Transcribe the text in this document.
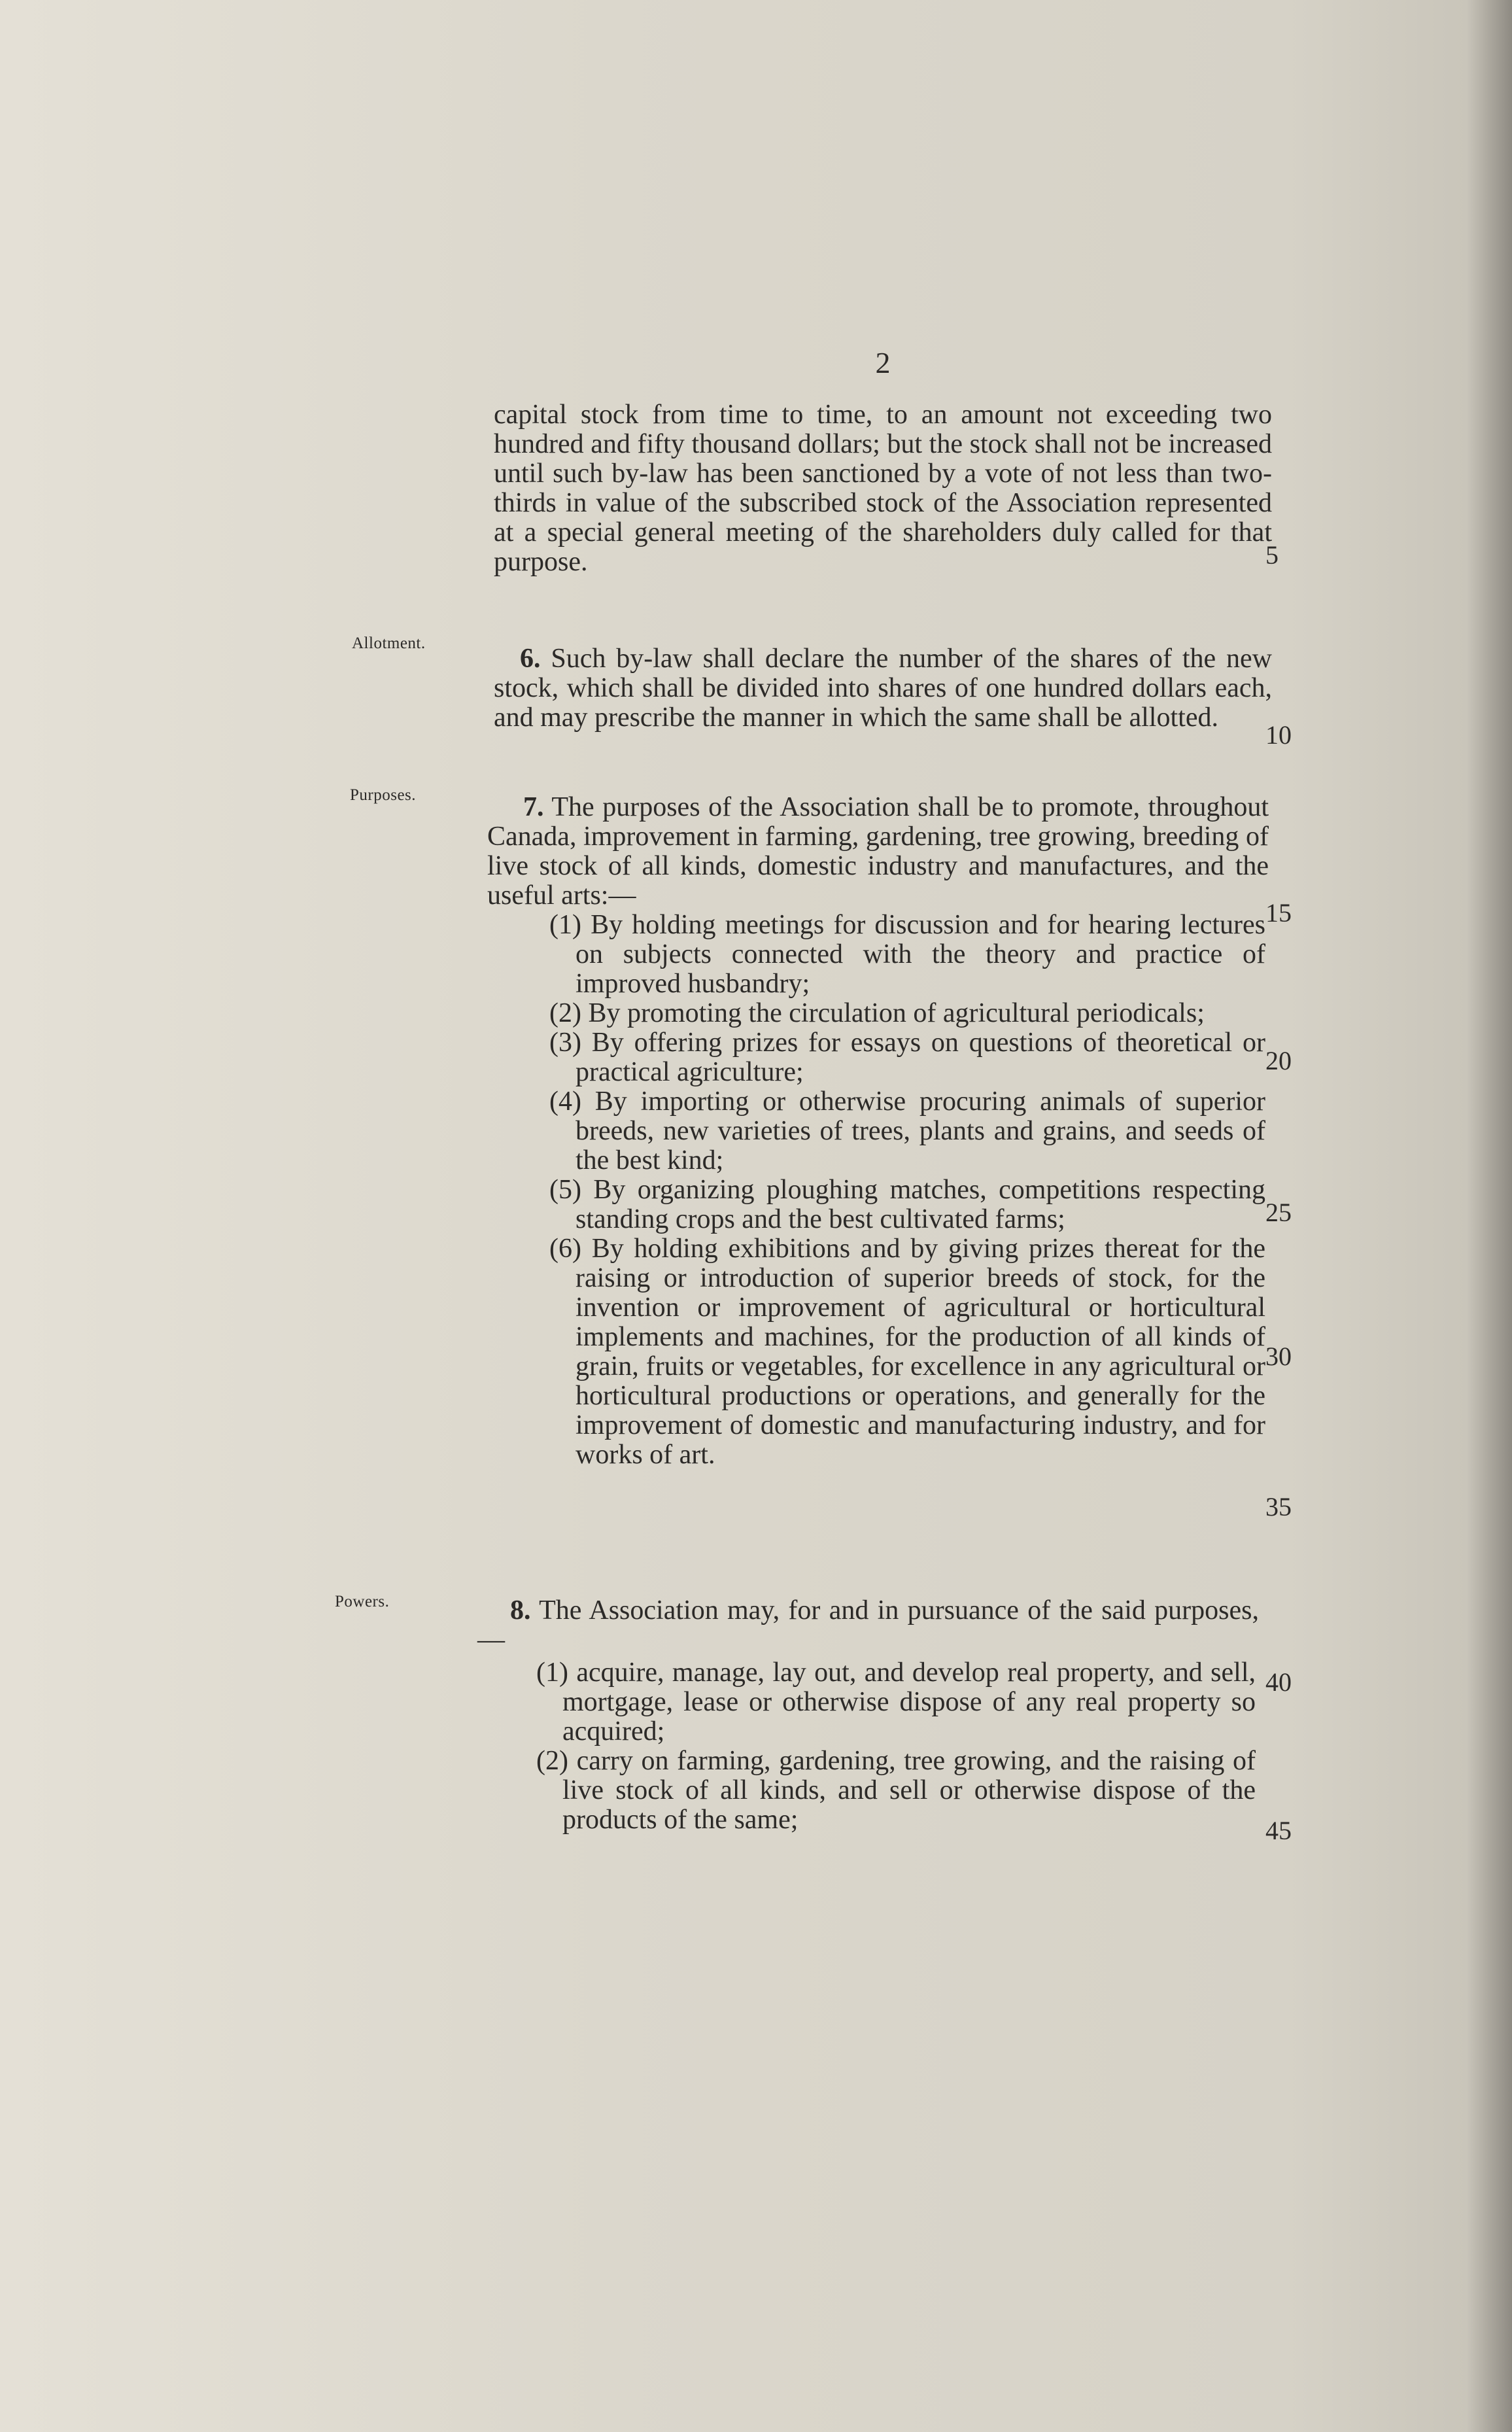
2

capital stock from time to time, to an amount not exceeding two hundred and fifty thousand dollars; but the stock shall not be increased until such by-law has been sanctioned by a vote of not less than two-thirds in value of the subscribed stock of the Association represented at a special general meeting of the shareholders duly called for that purpose.

Allotment.

6. Such by-law shall declare the number of the shares of the new stock, which shall be divided into shares of one hundred dollars each, and may prescribe the manner in which the same shall be allotted.

Purposes.	7. The purposes of the Association shall be to promote, throughout Canada, improvement in farming, gardening, tree growing, breeding of live stock of all kinds, domestic industry and manufactures, and the useful arts:—

(1) By holding meetings for discussion and for hearing lectures on subjects connected with the theory and practice of improved husbandry;

(2) By promoting the circulation of agricultural periodicals;

(3) By offering prizes for essays on questions of theoretical or practical agriculture;

(4) By importing or otherwise procuring animals of superior breeds, new varieties of trees, plants and grains, and seeds of the best kind;

(5) By organizing ploughing matches, competitions respecting standing crops and the best cultivated farms;

(6) By holding exhibitions and by giving prizes thereat for the raising or introduction of superior breeds of stock, for the invention or improvement of agricultural or horticultural implements and machines, for the production of all kinds of grain, fruits or vegetables, for excellence in any agricultural or horticultural productions or operations, and generally for the improvement of domestic and manufacturing industry, and for works of art.

Powers.	8. The Association may, for and in pursuance of the said purposes,—

(1) acquire, manage, lay out, and develop real property, and sell, mortgage, lease or otherwise dispose of any real property so acquired;

(2) carry on farming, gardening, tree growing, and the raising of live stock of all kinds, and sell or otherwise dispose of the products of the same;

5
10
15
20
25
30
35
40
45
